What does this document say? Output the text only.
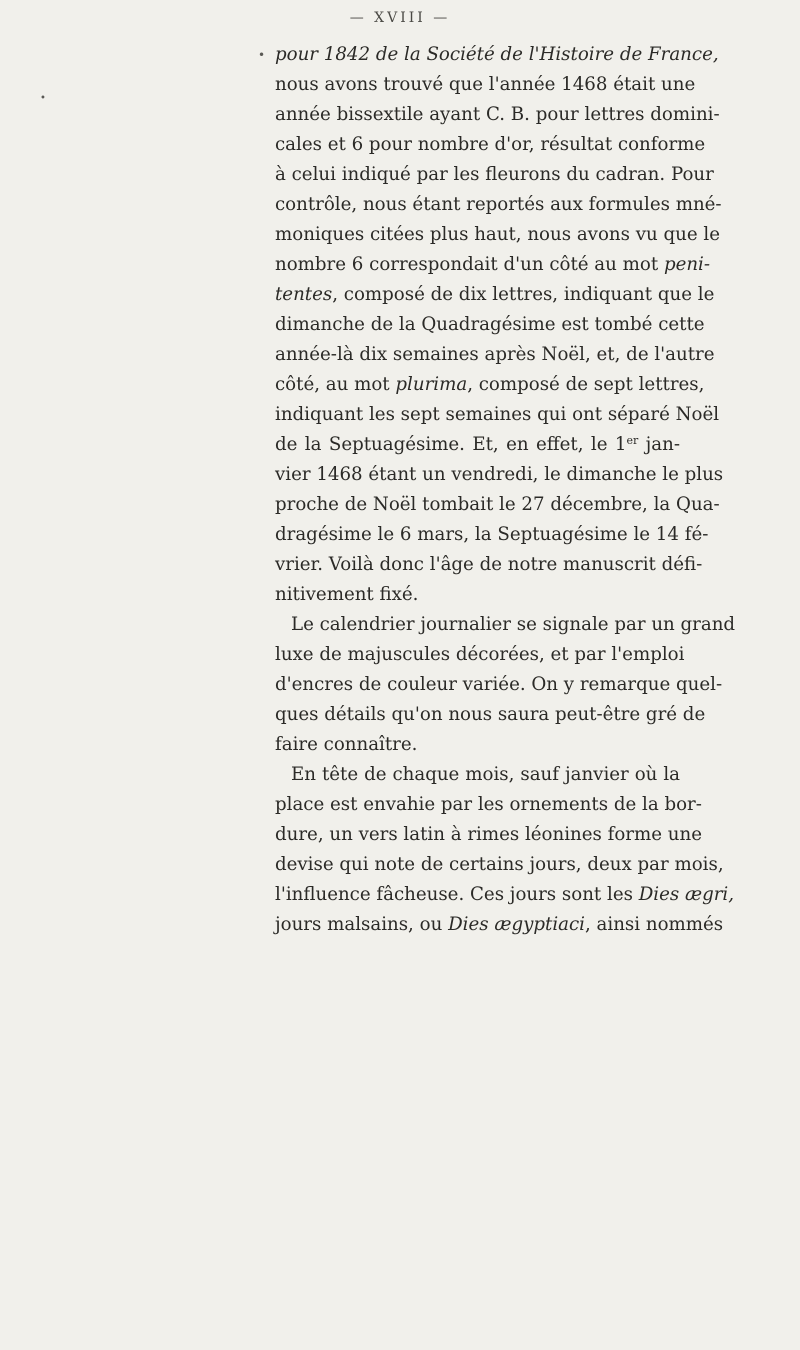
— XVIII —
•
•
pour 1842 de la Société de l'Histoire de France,
nous avons trouvé que l'année 1468 était une
année bissextile ayant C. B. pour lettres domini-
cales et 6 pour nombre d'or, résultat conforme
à celui indiqué par les fleurons du cadran. Pour
contrôle, nous étant reportés aux formules mné-
moniques citées plus haut, nous avons vu que le
nombre 6 correspondait d'un côté au mot peni-
tentes, composé de dix lettres, indiquant que le
dimanche de la Quadragésime est tombé cette
année-là dix semaines après Noël, et, de l'autre
côté, au mot plurima, composé de sept lettres,
indiquant les sept semaines qui ont séparé Noël
de la Septuagésime. Et, en effet, le 1er jan-
vier 1468 étant un vendredi, le dimanche le plus
proche de Noël tombait le 27 décembre, la Qua-
dragésime le 6 mars, la Septuagésime le 14 fé-
vrier. Voilà donc l'âge de notre manuscrit défi-
nitivement fixé.
Le calendrier journalier se signale par un grand
luxe de majuscules décorées, et par l'emploi
d'encres de couleur variée. On y remarque quel-
ques détails qu'on nous saura peut-être gré de
faire connaître.
En tête de chaque mois, sauf janvier où la
place est envahie par les ornements de la bor-
dure, un vers latin à rimes léonines forme une
devise qui note de certains jours, deux par mois,
l'influence fâcheuse. Ces jours sont les Dies ægri,
jours malsains, ou Dies ægyptiaci, ainsi nommés
